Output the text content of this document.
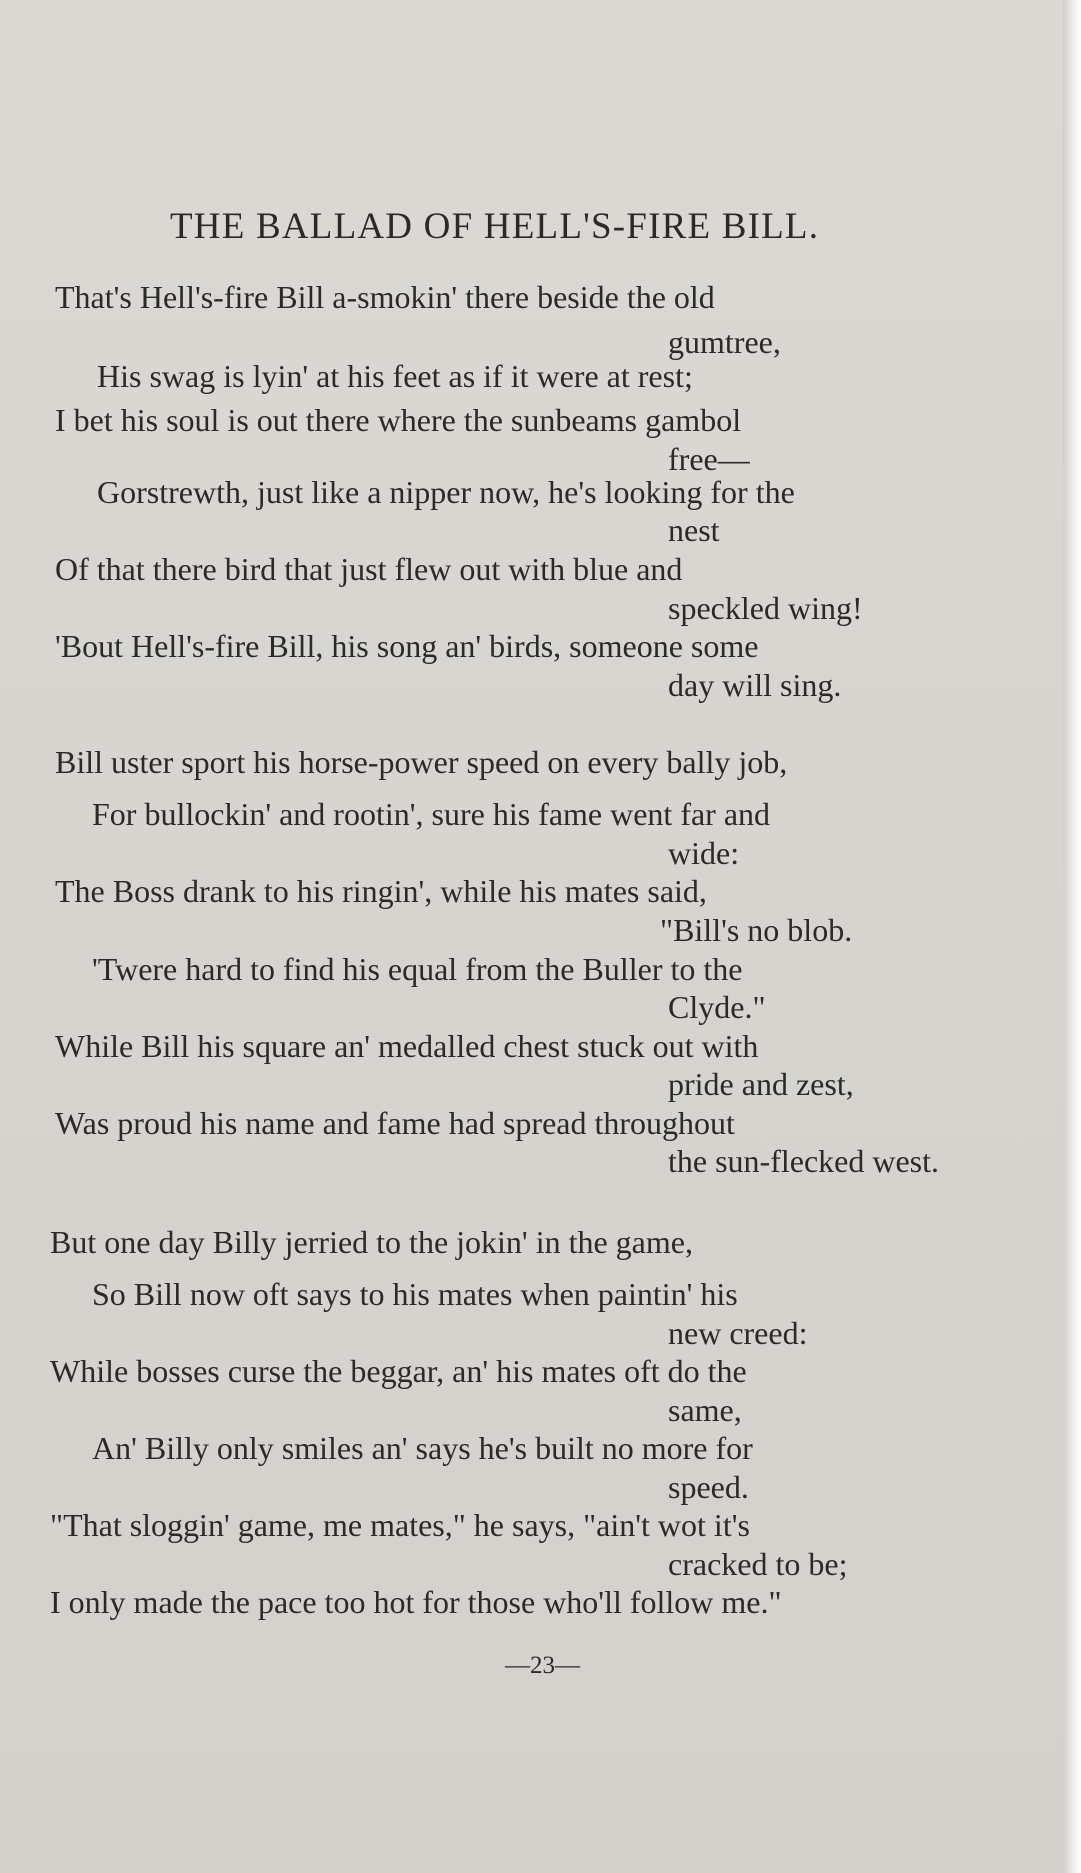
THE BALLAD OF HELL'S-FIRE BILL.
That's Hell's-fire Bill a-smokin' there beside the old
gumtree,
His swag is lyin' at his feet as if it were at rest;
I bet his soul is out there where the sunbeams gambol
free—
Gorstrewth, just like a nipper now, he's looking for the
nest
Of that there bird that just flew out with blue and
speckled wing!
'Bout Hell's-fire Bill, his song an' birds, someone some
day will sing.
Bill uster sport his horse-power speed on every bally job,
For bullockin' and rootin', sure his fame went far and
wide:
The Boss drank to his ringin', while his mates said,
"Bill's no blob.
'Twere hard to find his equal from the Buller to the
Clyde."
While Bill his square an' medalled chest stuck out with
pride and zest,
Was proud his name and fame had spread throughout
the sun-flecked west.
But one day Billy jerried to the jokin' in the game,
So Bill now oft says to his mates when paintin' his
new creed:
While bosses curse the beggar, an' his mates oft do the
same,
An' Billy only smiles an' says he's built no more for
speed.
"That sloggin' game, me mates," he says, "ain't wot it's
cracked to be;
I only made the pace too hot for those who'll follow me."
—23—
